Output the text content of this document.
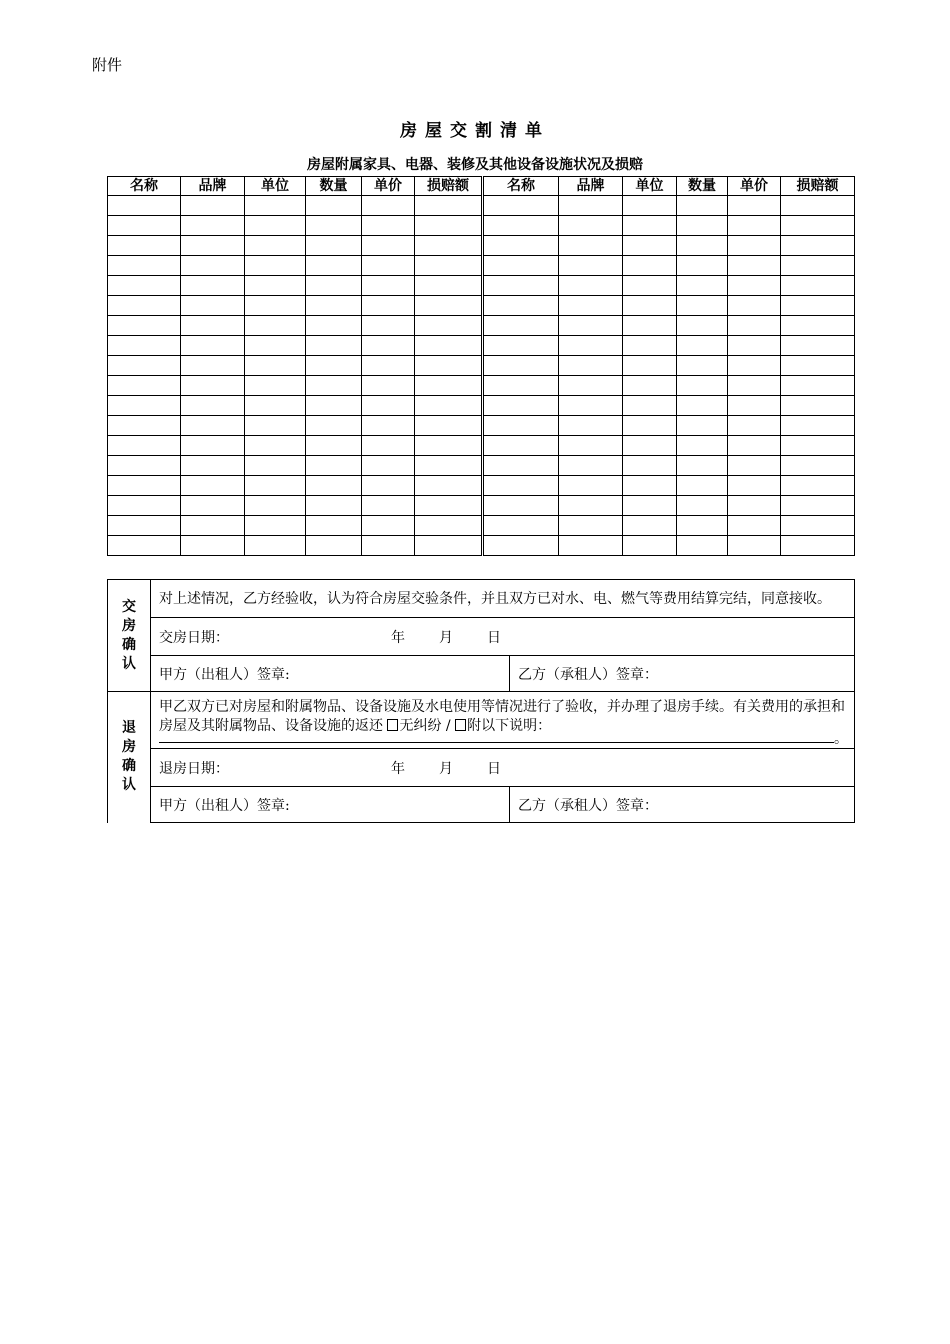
附件
房屋交割清单
房屋附属家具、电器、装修及其他设备设施状况及损赔
名称	品牌	单位	数量	单价	损赔额	名称	品牌	单位	数量	单价	损赔额

交房确认	对上述情况，乙方经验收，认为符合房屋交验条件，并且双方已对水、电、燃气等费用结算完结，同意接收。	

	交房日期： 年 月 日	
	甲方（出租人）签章:	乙方（承租人）签章：
退房确认	甲乙双方已对房屋和附属物品、设备设施及水电使用等情况进行了验收，并办理了退房手续。有关费用的承担和房屋及其附属物品、设备设施的返还 无纠纷 / 附以下说明：
。	

	退房日期： 年 月 日	
	甲方（出租人）签章:	乙方（承租人）签章：
